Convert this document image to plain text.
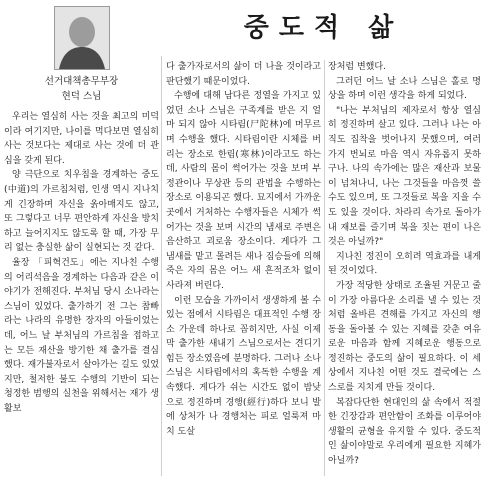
중도적 삶
선거대책총무부장
현덕 스님

우리는 열심히 사는 것을 최고의 미덕이라 여기지만, 나이를 먹다보면 열심히 사는 것보다는 제대로 사는 것에 더 관심을 갖게 된다.

양 극단으로 치우침을 경계하는 중도(中道)의 가르침처럼, 인생 역시 지나치게 긴장하며 자신을 옭아매지도 않고, 또 그렇다고 너무 편안하게 자신을 방치하고 늘어지지도 않도록 할 때, 가장 무리 없는 충실한 삶이 실현되는 것 같다.

율장 「피혁건도」에는 지나친 수행의 어리석음을 경계하는 다음과 같은 이야기가 전해진다. 부처님 당시 소나라는 스님이 있었다. 출가하기 전 그는 참빠라는 나라의 유명한 장자의 아들이었는데, 어느 날 부처님의 가르침을 접하고는 모든 재산을 방기한 채 출가를 결심했다. 재가불자로서 살아가는 길도 있었지만, 철저한 불도 수행의 기반이 되는 청정한 범행의 실천을 위해서는 재가 생활보

다 출가자로서의 삶이 더 나을 것이라고 판단했기 때문이었다.

수행에 대해 남다른 정열을 가지고 있었던 소나 스님은 구족계를 받은 지 얼마 되지 않아 시타림(尸陀林)에 머무르며 수행을 했다. 시타림이란 시체를 버리는 장소로 한림(寒林)이라고도 하는데, 사람의 몸이 썩어가는 것을 보며 부정관이나 무상관 등의 관법을 수행하는 장소로 이용되곤 했다. 묘지에서 가까운 곳에서 거처하는 수행자들은 시체가 썩어가는 것을 보며 시간의 냄새로 주변은 음산하고 괴로움 장소이다. 게다가 그 냄새를 맡고 몰려든 새나 짐승들에 의해 죽은 자의 몸은 어느 새 흔적조차 없이 사라져 버린다.

이런 모습을 가까이서 생생하게 볼 수 있는 점에서 시타림은 대표적인 수행 장소 가운데 하나로 꼽히지만, 사실 이제 막 출가한 새내기 스님으로서는 견디기 힘든 장소였음에 분명하다. 그러나 소나 스님은 시타림에서의 혹독한 수행을 계속했다. 게다가 쉬는 시간도 없이 밤낮으로 정진하며 경행(經行)하다 보니 발에 상처가 나 경행처는 피로 얼룩져 마치 도살

장처럼 변했다.

그러던 어느 날 소나 스님은 홀로 명상을 하며 이런 생각을 하게 되었다.

"나는 부처님의 제자로서 항상 열심히 정진하며 살고 있다. 그러나 나는 아직도 집착을 벗어나지 못했으며, 여러 가지 번뇌로 마음 역시 자유롭지 못하구나. 나의 속가에는 많은 재산과 보물이 넘쳐나니, 나는 그것들을 마음껏 쓸 수도 있으며, 또 그것들로 복을 지을 수도 있을 것이다. 차라리 속가로 돌아가 내 재보를 즐기며 복을 짓는 편이 나은 것은 아닐까?"

지나친 정진이 오히려 역효과를 내게 된 것이었다.

가장 적당한 상태로 조율된 거문고 줄이 가장 아름다운 소리를 낼 수 있는 것처럼 올바른 견해를 가지고 자신의 행동을 돌아볼 수 있는 지혜를 갖춘 여유로운 마음과 함께 지혜로운 행동으로 정진하는 중도의 삶이 필요하다. 이 세상에서 지나친 어떤 것도 결국에는 스스로를 지치게 만들 것이다.

복잡다단한 현대인의 삶 속에서 적절한 긴장감과 편안함이 조화를 이루어야 생활의 균형을 유지할 수 있다. 중도적인 삶이야말로 우리에게 필요한 지혜가 아닐까?
